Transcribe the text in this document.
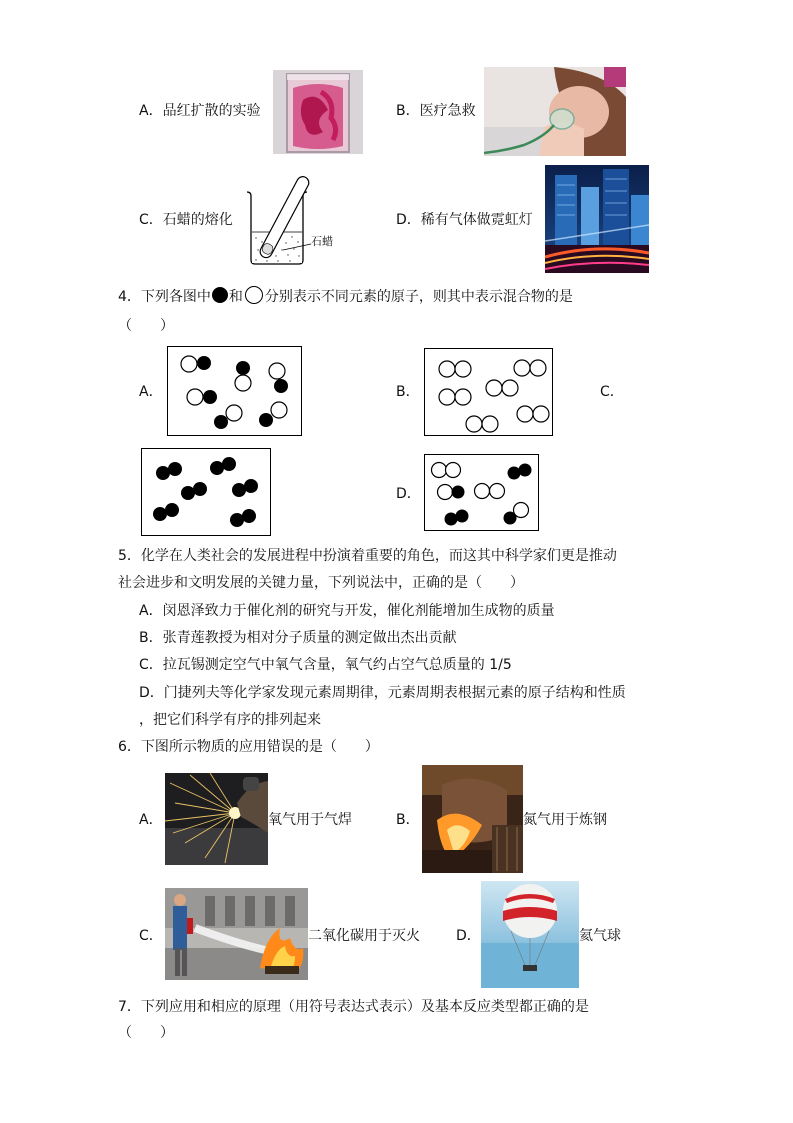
A．品红扩散的实验	B．医疗急救
C．石蜡的熔化
石蜡
D．稀有气体做霓虹灯
4．下列各图中 和 分别表示不同元素的原子，则其中表示混合物的是
（　　）
A．	B．	C．
D．
5．化学在人类社会的发展进程中扮演着重要的角色，而这其中科学家们更是推动
社会进步和文明发展的关键力量，下列说法中，正确的是（　　）
A．闵恩泽致力于催化剂的研究与开发，催化剂能增加生成物的质量
B．张青莲教授为相对分子质量的测定做出杰出贡献
C．拉瓦锡测定空气中氧气含量，氧气约占空气总质量的 1/5
D．门捷列夫等化学家发现元素周期律，元素周期表根据元素的原子结构和性质
，把它们科学有序的排列起来
6．下图所示物质的应用错误的是（　　）
A．	氧气用于气焊	B．	氮气用于炼钢
C．	二氧化碳用于灭火	D．	氦气球
7．下列应用和相应的原理（用符号表达式表示）及基本反应类型都正确的是
（　　）
